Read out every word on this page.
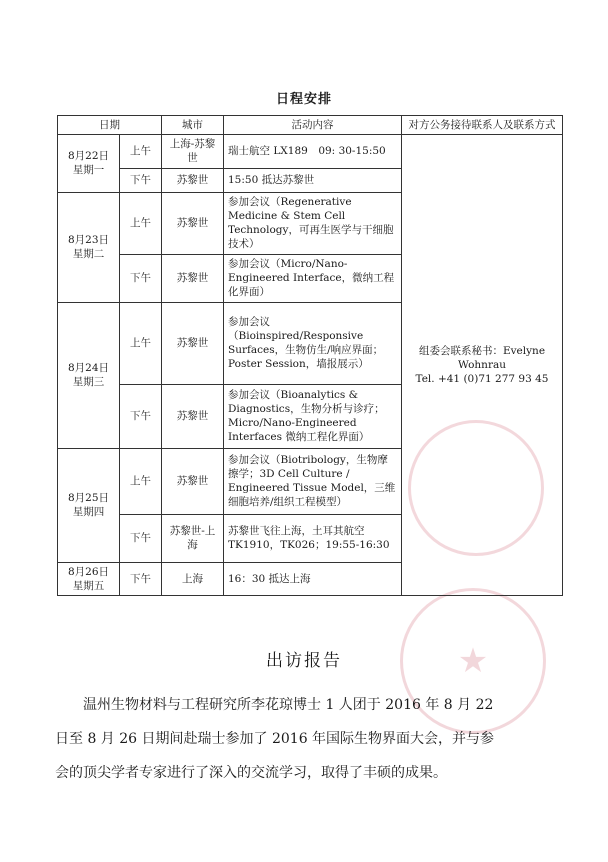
★
日程安排
日期		城市	活动内容	对方公务接待联系人及联系方式
8月22日
星期一	上午	上海-苏黎世	瑞士航空 LX189　09: 30-15:50	组委会联系秘书：Evelyne Wohnrau
Tel. +41 (0)71 277 93 45
	下午	苏黎世	15:50 抵达苏黎世	
8月23日
星期二	上午	苏黎世	参加会议（Regenerative Medicine & Stem Cell Technology，可再生医学与干细胞技术）	
	下午	苏黎世	参加会议（Micro/Nano-Engineered Interface，微纳工程化界面）	
8月24日
星期三	上午	苏黎世	参加会议（Bioinspired/Responsive Surfaces，生物仿生/响应界面；Poster Session，墙报展示）	
	下午	苏黎世	参加会议（Bioanalytics & Diagnostics，生物分析与诊疗；Micro/Nano-Engineered Interfaces 微纳工程化界面）	
8月25日
星期四	上午	苏黎世	参加会议（Biotribology，生物摩擦学；3D Cell Culture / Engineered Tissue Model，三维细胞培养/组织工程模型）	
	下午	苏黎世-上海	苏黎世飞往上海，土耳其航空 TK1910，TK026；19:55-16:30	
8月26日
星期五	下午	上海	16：30 抵达上海	
出访报告
温州生物材料与工程研究所李花琼博士 1 人团于 2016 年 8 月 22
日至 8 月 26 日期间赴瑞士参加了 2016 年国际生物界面大会，并与参
会的顶尖学者专家进行了深入的交流学习，取得了丰硕的成果。
